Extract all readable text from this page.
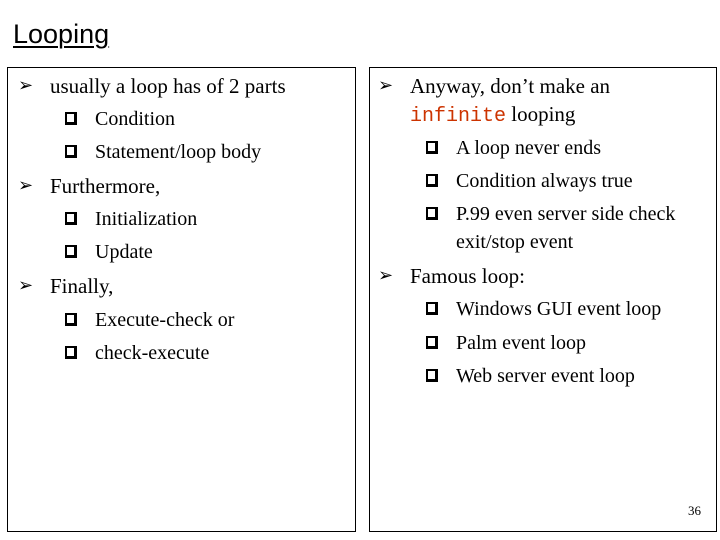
Looping
➢ usually a loop has of 2 parts
Condition
Statement/loop body
➢ Furthermore,
Initialization
Update
➢ Finally,
Execute-check or
check-execute
➢ Anyway, don’t make an
infinite looping
A loop never ends
Condition always true
P.99 even server side check
exit/stop event
➢ Famous loop:
Windows GUI event loop
Palm event loop
Web server event loop
36
